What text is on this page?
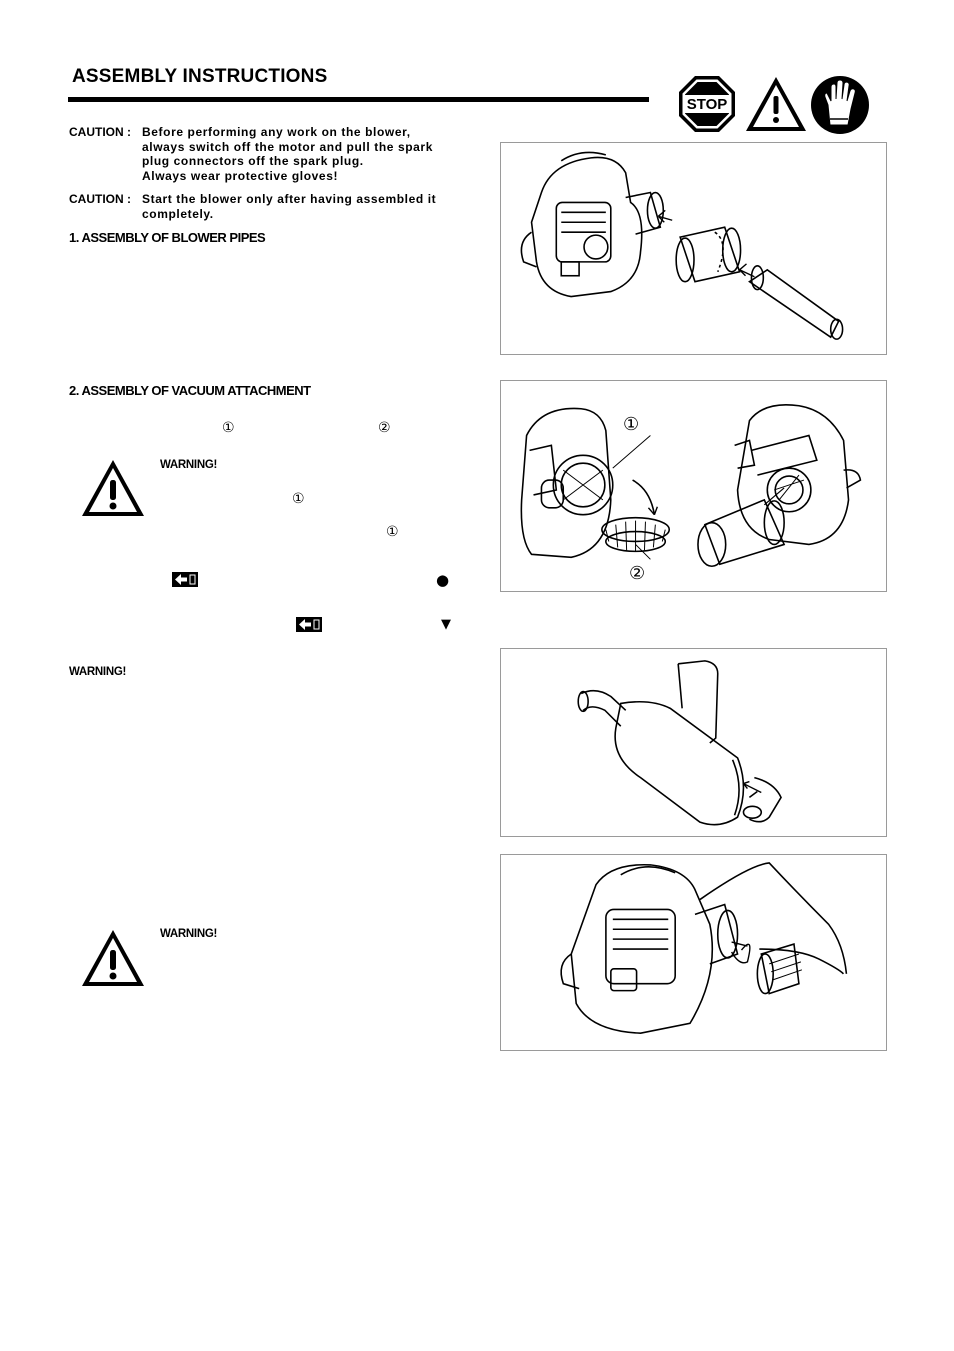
ASSEMBLY INSTRUCTIONS
STOP
CAUTION : Before performing any work on the blower,
always switch off the motor and pull the spark
plug connectors off the spark plug.
Always wear protective gloves!
CAUTION : Start the blower only after having assembled it
completely.
1. ASSEMBLY OF BLOWER PIPES
2. ASSEMBLY OF VACUUM ATTACHMENT
①	②
WARNING!
①
①
●
▼
WARNING!
WARNING!
①
②
